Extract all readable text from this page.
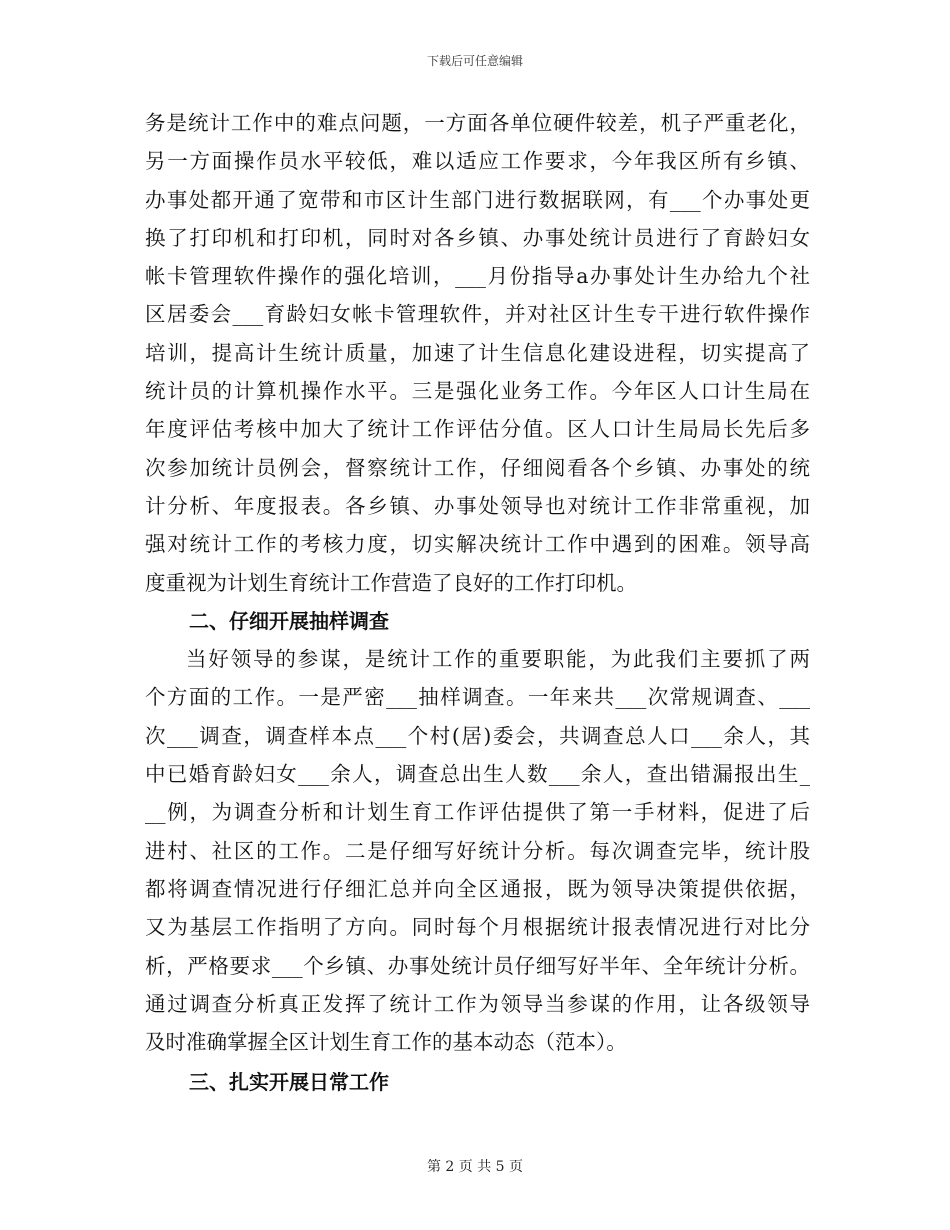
下载后可任意编辑
务是统计工作中的难点问题，一方面各单位硬件较差，机子严重老化，
另一方面操作员水平较低，难以适应工作要求，今年我区所有乡镇、
办事处都开通了宽带和市区计生部门进行数据联网，有___个办事处更
换了打印机和打印机，同时对各乡镇、办事处统计员进行了育龄妇女
帐卡管理软件操作的强化培训，___月份指导a办事处计生办给九个社
区居委会___育龄妇女帐卡管理软件，并对社区计生专干进行软件操作
培训，提高计生统计质量，加速了计生信息化建设进程，切实提高了
统计员的计算机操作水平。三是强化业务工作。今年区人口计生局在
年度评估考核中加大了统计工作评估分值。区人口计生局局长先后多
次参加统计员例会，督察统计工作，仔细阅看各个乡镇、办事处的统
计分析、年度报表。各乡镇、办事处领导也对统计工作非常重视，加
强对统计工作的考核力度，切实解决统计工作中遇到的困难。领导高
度重视为计划生育统计工作营造了良好的工作打印机。
二、仔细开展抽样调查
当好领导的参谋，是统计工作的重要职能，为此我们主要抓了两
个方面的工作。一是严密___抽样调查。一年来共___次常规调查、___
次___调查，调查样本点___个村(居)委会，共调查总人口___余人，其
中已婚育龄妇女___余人，调查总出生人数___余人，查出错漏报出生_
__例，为调查分析和计划生育工作评估提供了第一手材料，促进了后
进村、社区的工作。二是仔细写好统计分析。每次调查完毕，统计股
都将调查情况进行仔细汇总并向全区通报，既为领导决策提供依据，
又为基层工作指明了方向。同时每个月根据统计报表情况进行对比分
析，严格要求___个乡镇、办事处统计员仔细写好半年、全年统计分析。
通过调查分析真正发挥了统计工作为领导当参谋的作用，让各级领导
及时准确掌握全区计划生育工作的基本动态（范本）。
三、扎实开展日常工作
第 2 页 共 5 页
